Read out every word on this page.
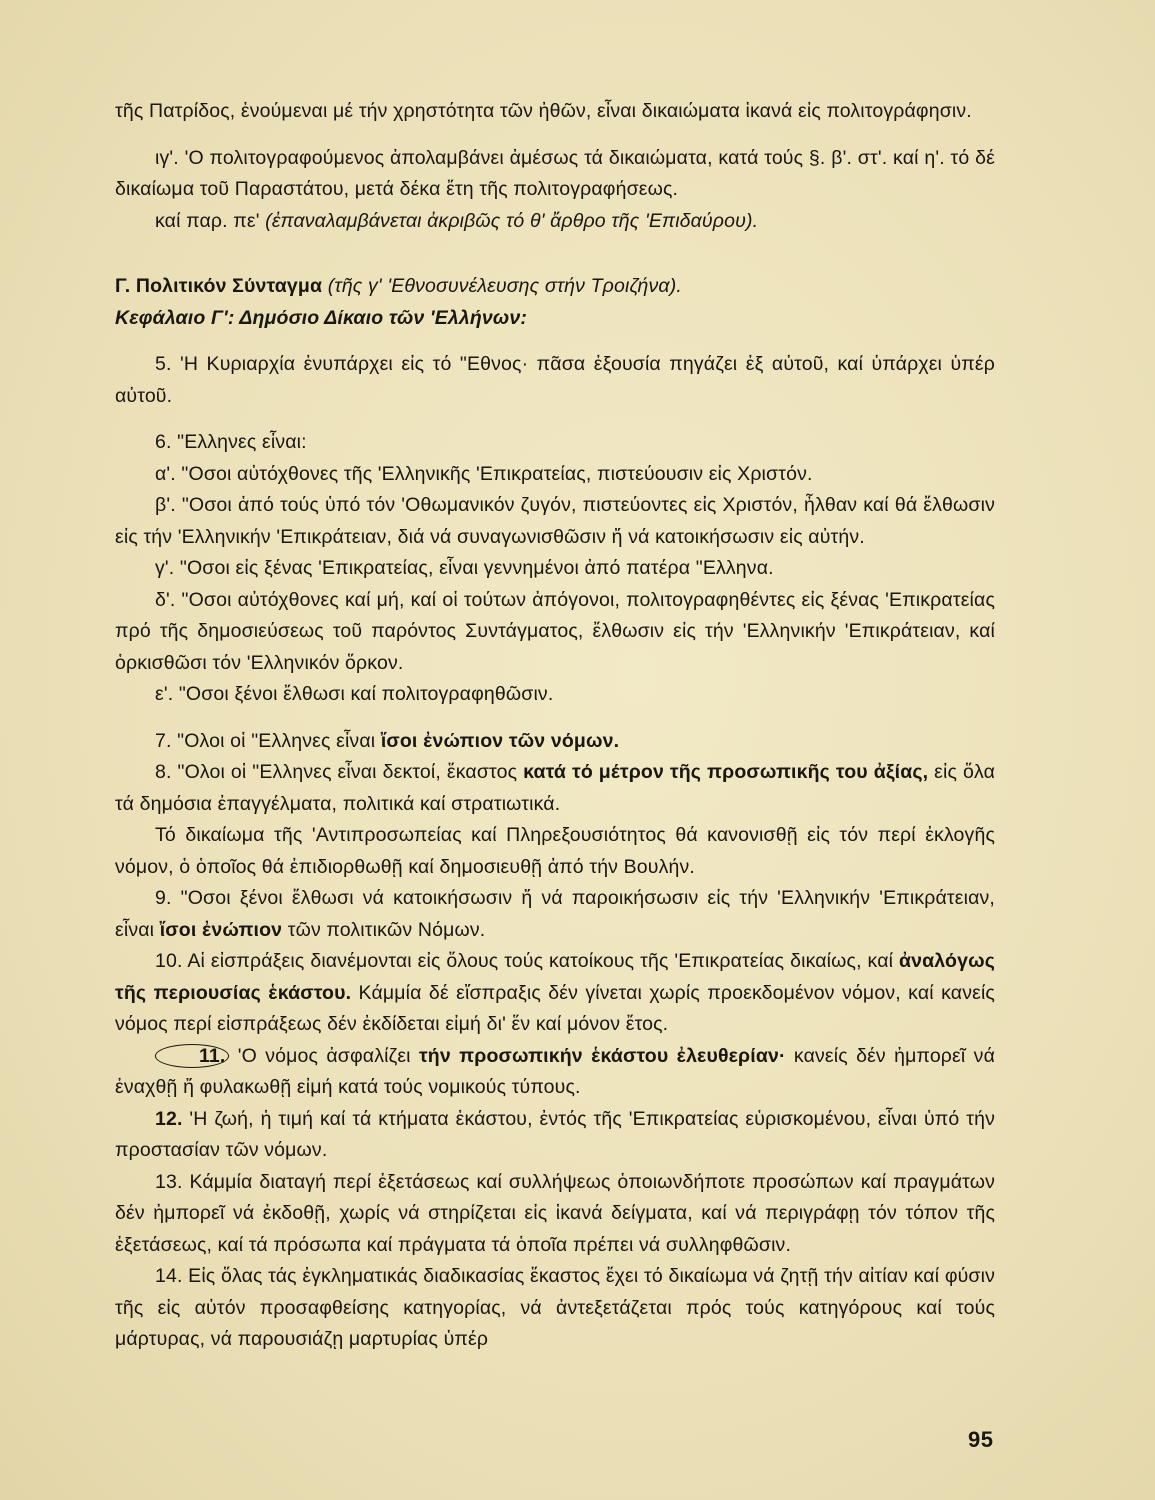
τῆς Πατρίδος, ἑνούμεναι μέ τήν χρηστότητα τῶν ἠθῶν, εἶναι δικαιώματα ἱκανά εἰς πολιτογράφησιν.

ιγ'. 'Ο πολιτογραφούμενος ἀπολαμβάνει ἀμέσως τά δικαιώματα, κατά τούς §. β'. στ'. καί η'. τό δέ δικαίωμα τοῦ Παραστάτου, μετά δέκα ἔτη τῆς πολιτογραφήσεως.

καί παρ. πε' (ἐπαναλαμβάνεται ἀκριβῶς τό θ' ἄρθρο τῆς 'Επιδαύρου).

Γ. Πολιτικόν Σύνταγμα (τῆς γ' 'Εθνοσυνέλευσης στήν Τροιζήνα).

Κεφάλαιο Γ': Δημόσιο Δίκαιο τῶν 'Ελλήνων:

5. 'Η Κυριαρχία ἐνυπάρχει εἰς τό "Εθνος· πᾶσα ἐξουσία πηγάζει ἐξ αὐτοῦ, καί ὑπάρχει ὑπέρ αὐτοῦ.

6. "Ελληνες εἶναι:

α'. "Οσοι αὐτόχθονες τῆς 'Ελληνικῆς 'Επικρατείας, πιστεύουσιν εἰς Χριστόν.

β'. "Οσοι ἀπό τούς ὑπό τόν 'Οθωμανικόν ζυγόν, πιστεύοντες εἰς Χριστόν, ἦλθαν καί θά ἔλθωσιν εἰς τήν 'Ελληνικήν 'Επικράτειαν, διά νά συναγωνισθῶσιν ἤ νά κατοικήσωσιν εἰς αὐτήν.

γ'. "Οσοι εἰς ξένας 'Επικρατείας, εἶναι γεννημένοι ἀπό πατέρα "Ελληνα.

δ'. "Οσοι αὐτόχθονες καί μή, καί οἱ τούτων ἀπόγονοι, πολιτογραφηθέντες εἰς ξένας 'Επικρατείας πρό τῆς δημοσιεύσεως τοῦ παρόντος Συντάγματος, ἔλθωσιν εἰς τήν 'Ελληνικήν 'Επικράτειαν, καί ὁρκισθῶσι τόν 'Ελληνικόν ὅρκον.

ε'. "Οσοι ξένοι ἔλθωσι καί πολιτογραφηθῶσιν.

7. "Ολοι οἱ "Ελληνες εἶναι ἴσοι ἐνώπιον τῶν νόμων.

8. "Ολοι οἱ "Ελληνες εἶναι δεκτοί, ἕκαστος κατά τό μέτρον τῆς προσωπικῆς του ἀξίας, εἰς ὅλα τά δημόσια ἐπαγγέλματα, πολιτικά καί στρατιωτικά.

Τό δικαίωμα τῆς 'Αντιπροσωπείας καί Πληρεξουσιότητος θά κανονισθῇ εἰς τόν περί ἐκλογῆς νόμον, ὁ ὁποῖος θά ἐπιδιορθωθῇ καί δημοσιευθῇ ἀπό τήν Βουλήν.

9. "Οσοι ξένοι ἔλθωσι νά κατοικήσωσιν ἤ νά παροικήσωσιν εἰς τήν 'Ελληνικήν 'Επικράτειαν, εἶναι ἴσοι ἐνώπιον τῶν πολιτικῶν Νόμων.

10. Αἱ εἰσπράξεις διανέμονται εἰς ὅλους τούς κατοίκους τῆς 'Επικρατείας δικαίως, καί ἀναλόγως τῆς περιουσίας ἑκάστου. Κάμμία δέ εἴσπραξις δέν γίνεται χωρίς προεκδομένον νόμον, καί κανείς νόμος περί εἰσπράξεως δέν ἐκδίδεται εἰμή δι' ἕν καί μόνον ἔτος.

11. 'Ο νόμος ἀσφαλίζει τήν προσωπικήν ἑκάστου ἐλευθερίαν· κανείς δέν ἠμπορεῖ νά ἐναχθῇ ἤ φυλακωθῇ εἰμή κατά τούς νομικούς τύπους.

12. 'Η ζωή, ἡ τιμή καί τά κτήματα ἑκάστου, ἐντός τῆς 'Επικρατείας εὑρισκομένου, εἶναι ὑπό τήν προστασίαν τῶν νόμων.

13. Κάμμία διαταγή περί ἐξετάσεως καί συλλήψεως ὁποιωνδήποτε προσώπων καί πραγμάτων δέν ἠμπορεῖ νά ἐκδοθῇ, χωρίς νά στηρίζεται εἰς ἱκανά δείγματα, καί νά περιγράφῃ τόν τόπον τῆς ἐξετάσεως, καί τά πρόσωπα καί πράγματα τά ὁποῖα πρέπει νά συλληφθῶσιν.

14. Εἰς ὅλας τάς ἐγκληματικάς διαδικασίας ἕκαστος ἔχει τό δικαίωμα νά ζητῇ τήν αἰτίαν καί φύσιν τῆς εἰς αὐτόν προσαφθείσης κατηγορίας, νά ἀντεξετάζεται πρός τούς κατηγόρους καί τούς μάρτυρας, νά παρουσιάζῃ μαρτυρίας ὑπέρ

95
